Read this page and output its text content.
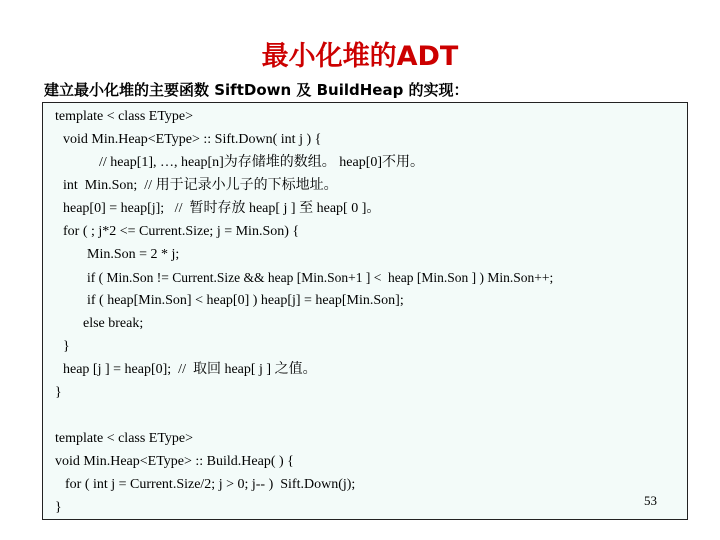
最小化堆的ADT
建立最小化堆的主要函数 SiftDown 及 BuildHeap 的实现：
template < class EType>
void Min.Heap<EType> :: Sift.Down( int j ) {
// heap[1], …, heap[n]为存储堆的数组。 heap[0]不用。
int  Min.Son;  // 用于记录小儿子的下标地址。
heap[0] = heap[j];   //  暂时存放 heap[ j ] 至 heap[ 0 ]。
for ( ; j*2 <= Current.Size; j = Min.Son) {
Min.Son = 2 * j;
if ( Min.Son != Current.Size && heap [Min.Son+1 ] <  heap [Min.Son ] ) Min.Son++;
if ( heap[Min.Son] < heap[0] ) heap[j] = heap[Min.Son];
else break;
}
heap [j ] = heap[0];  //  取回 heap[ j ] 之值。
}
template < class EType>
void Min.Heap<EType> :: Build.Heap( ) {
for ( int j = Current.Size/2; j > 0; j-- )  Sift.Down(j);
}	53
